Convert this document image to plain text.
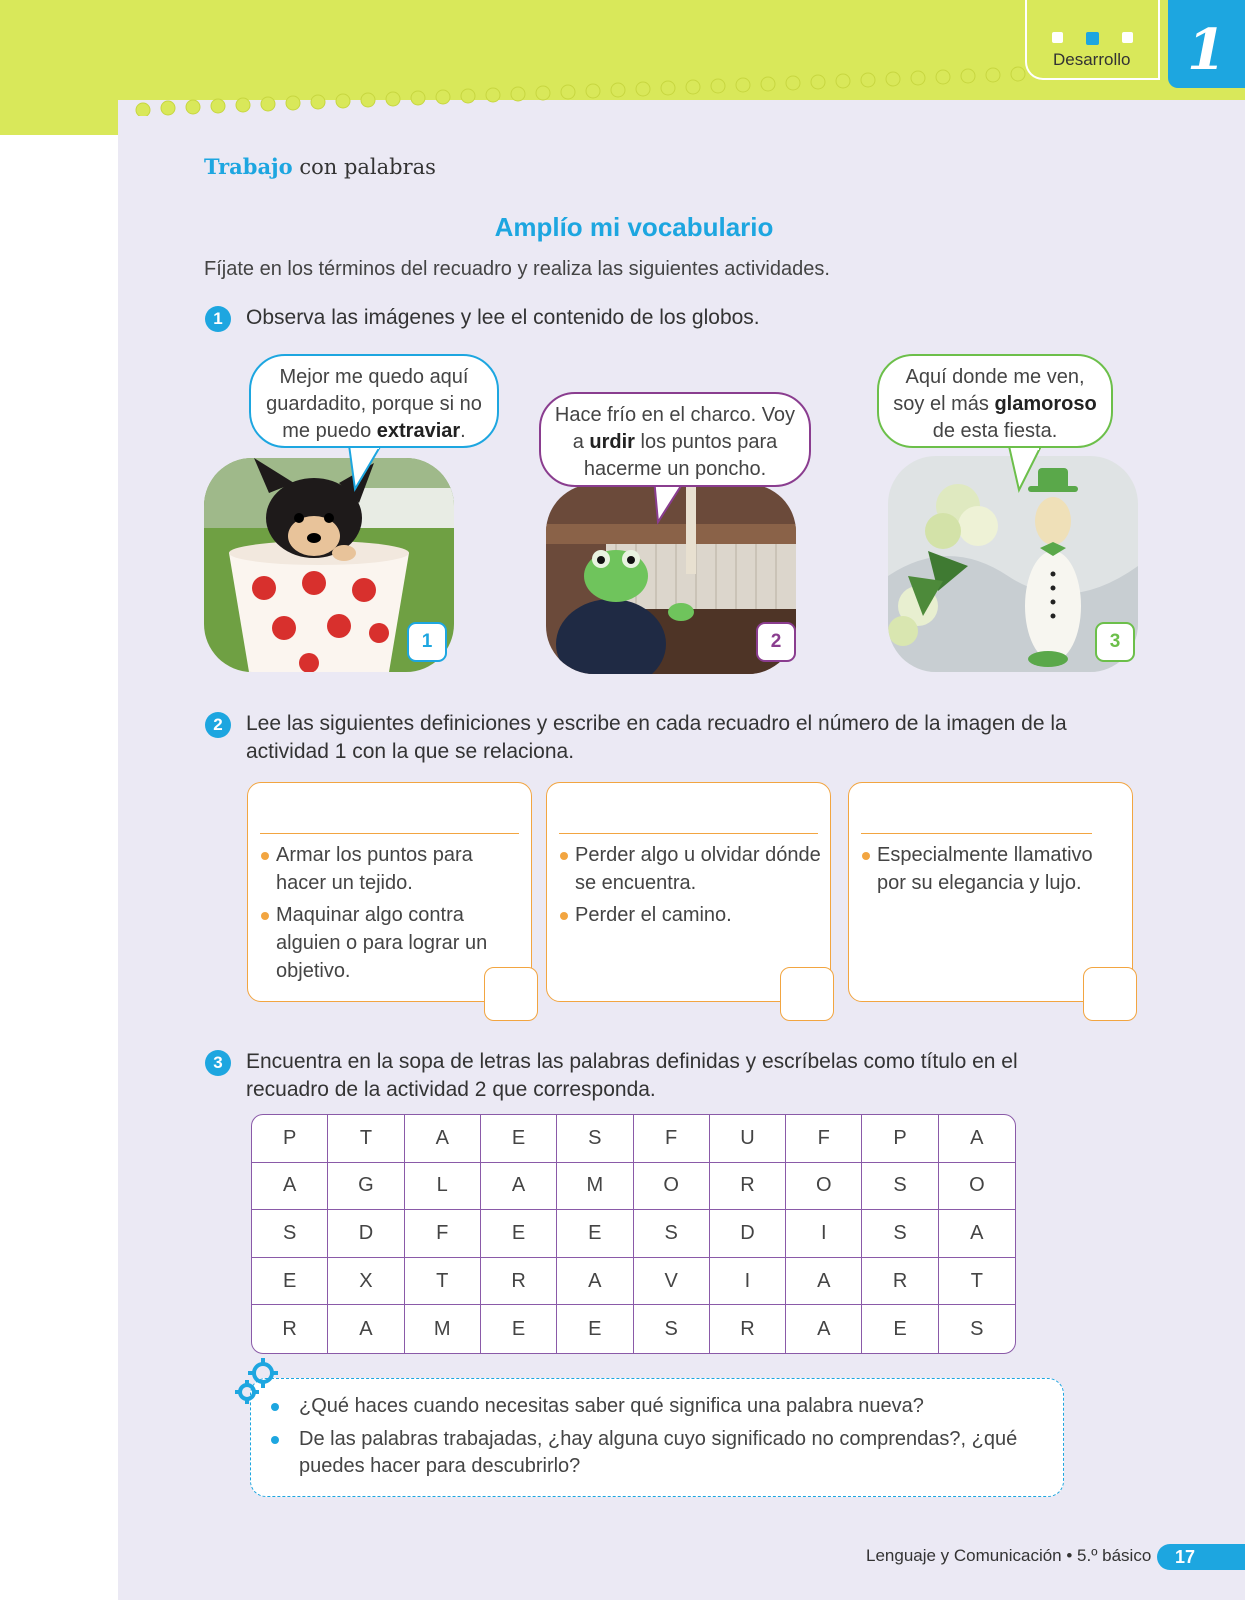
Desarrollo	1
Trabajo con palabras
Amplío mi vocabulario
Fíjate en los términos del recuadro y realiza las siguientes actividades.
1	Observa las imágenes y lee el contenido de los globos.
1
Mejor me quedo aquí guardadito, porque si no me puedo extraviar.
2
Hace frío en el charco. Voy a urdir los puntos para hacerme un poncho.
3
Aquí donde me ven, soy el más glamoroso de esta fiesta.
2	Lee las siguientes definiciones y escribe en cada recuadro el número de la imagen de la actividad 1 con la que se relaciona.
Armar los puntos para hacer un tejido.
Maquinar algo contra alguien o para lograr un objetivo.
Perder algo u olvidar dónde se encuentra.
Perder el camino.
Especialmente llamativo por su elegancia y lujo.
3	Encuentra en la sopa de letras las palabras definidas y escríbelas como título en el recuadro de la actividad 2 que corresponda.
P	T	A	E	S	F	U	F	P	A
A	G	L	A	M	O	R	O	S	O
S	D	F	E	E	S	D	I	S	A
E	X	T	R	A	V	I	A	R	T
R	A	M	E	E	S	R	A	E	S
¿Qué haces cuando necesitas saber qué significa una palabra nueva?
De las palabras trabajadas, ¿hay alguna cuyo significado no comprendas?, ¿qué puedes hacer para descubrirlo?
Lenguaje y Comunicación • 5.º básico	17
